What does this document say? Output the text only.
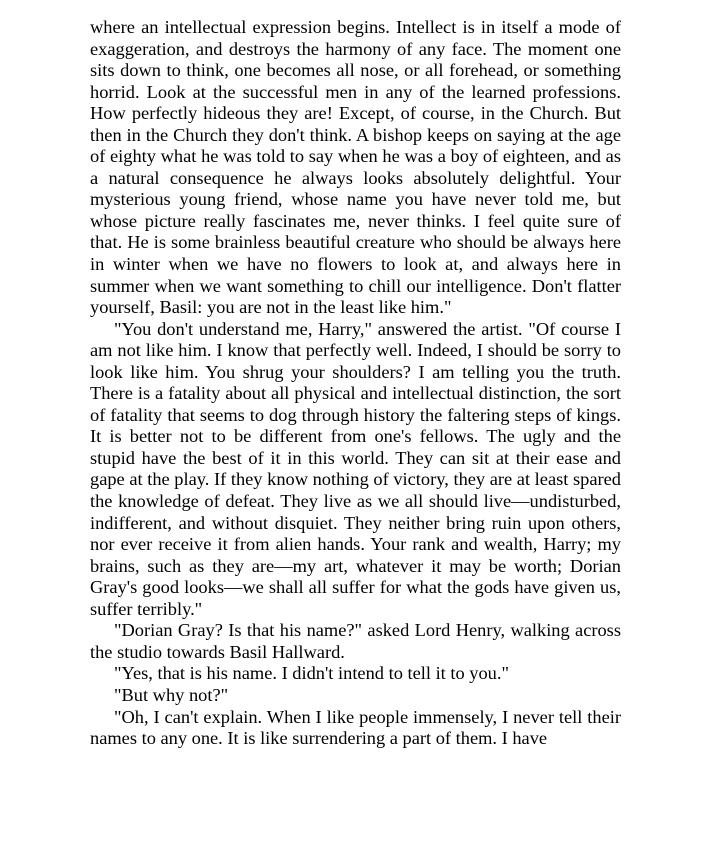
where an intellectual expression begins. Intellect is in itself a mode of exaggeration, and destroys the harmony of any face. The moment one sits down to think, one becomes all nose, or all forehead, or something horrid. Look at the successful men in any of the learned professions. How perfectly hideous they are! Except, of course, in the Church. But then in the Church they don't think. A bishop keeps on saying at the age of eighty what he was told to say when he was a boy of eighteen, and as a natural consequence he always looks absolutely delightful. Your mysterious young friend, whose name you have never told me, but whose picture really fascinates me, never thinks. I feel quite sure of that. He is some brainless beautiful creature who should be always here in winter when we have no flowers to look at, and always here in summer when we want something to chill our intelligence. Don't flatter yourself, Basil: you are not in the least like him."

"You don't understand me, Harry," answered the artist. "Of course I am not like him. I know that perfectly well. Indeed, I should be sorry to look like him. You shrug your shoulders? I am telling you the truth. There is a fatality about all physical and intellectual distinction, the sort of fatality that seems to dog through history the faltering steps of kings. It is better not to be different from one's fellows. The ugly and the stupid have the best of it in this world. They can sit at their ease and gape at the play. If they know nothing of victory, they are at least spared the knowledge of defeat. They live as we all should live—undisturbed, indifferent, and without disquiet. They neither bring ruin upon others, nor ever receive it from alien hands. Your rank and wealth, Harry; my brains, such as they are—my art, whatever it may be worth; Dorian Gray's good looks—we shall all suffer for what the gods have given us, suffer terribly."

"Dorian Gray? Is that his name?" asked Lord Henry, walking across the studio towards Basil Hallward.

"Yes, that is his name. I didn't intend to tell it to you."

"But why not?"

"Oh, I can't explain. When I like people immensely, I never tell their names to any one. It is like surrendering a part of them. I have
